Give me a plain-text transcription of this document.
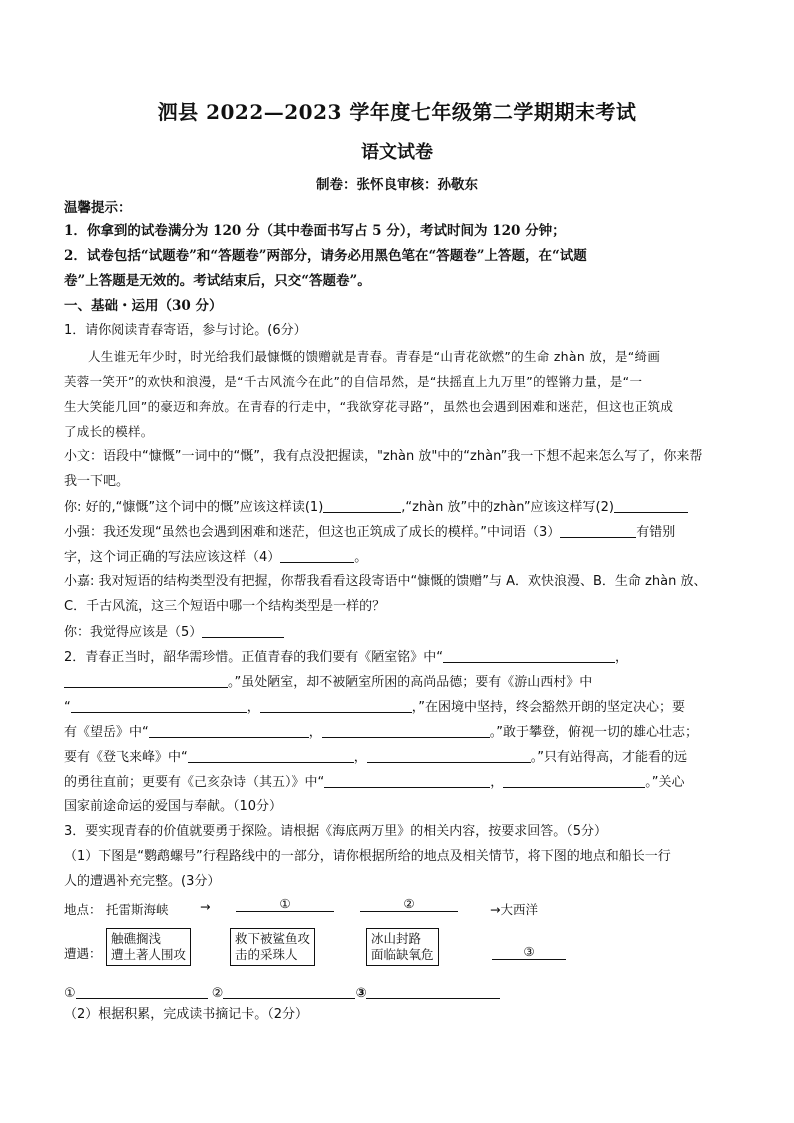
泗县 2022—2023 学年度七年级第二学期期末考试
语文试卷
制卷：张怀良审核：孙敬东
温馨提示：
1．你拿到的试卷满分为 120 分（其中卷面书写占 5 分），考试时间为 120 分钟；
2．试卷包括“试题卷”和“答题卷”两部分，请务必用黑色笔在“答题卷”上答题，在“试题
卷”上答题是无效的。考试结束后，只交“答题卷”。
一、基础・运用（30 分）
1．请你阅读青春寄语，参与讨论。(6分）
人生谁无年少时，时光给我们最慷慨的馈赠就是青春。青春是“山青花欲燃”的生命 zhàn 放，是“绮画
芙蓉一笑开”的欢快和浪漫，是“千古风流今在此”的自信昂然，是“扶摇直上九万里”的铿锵力量，是“一
生大笑能几回”的豪迈和奔放。在青春的行走中，“我欲穿花寻路”，虽然也会遇到困难和迷茫，但这也正筑成
了成长的模样。
小文：语段中“慷慨”一词中的“慨”，我有点没把握读，"zhàn 放"中的“zhàn”我一下想不起来怎么写了，你来帮
我一下吧。
你: 好的,“慷慨”这个词中的慨”应该这样读(1)	,“zhàn 放”中的zhàn”应该这样写(2)
小强：我还发现“虽然也会遇到困难和迷茫，但这也正筑成了成长的模样。”中词语（3）	有错别
字，这个词正确的写法应该这样（4）	。
小嘉: 我对短语的结构类型没有把握，你帮我看看这段寄语中“慷慨的馈赠”与 A．欢快浪漫、B．生命 zhàn 放、
C．千古风流，这三个短语中哪一个结构类型是一样的？
你：我觉得应该是（5）
2．青春正当时，韶华需珍惜。正值青春的我们要有《陋室铭》中“	，
。”虽处陋室，却不被陋室所困的高尚品德；要有《游山西村》中
“	，	，”在困境中坚持，终会豁然开朗的坚定决心；要
有《望岳》中“	，	。”敢于攀登，俯视一切的雄心壮志；
要有《登飞来峰》中“	，	。”只有站得高，才能看的远
的勇往直前；更要有《己亥杂诗（其五）》中“	，	。”关心
国家前途命运的爱国与奉献。（10分）
3．要实现青春的价值就要勇于探险。请根据《海底两万里》的相关内容，按要求回答。（5分）
（1）下图是“鹦鹉螺号”行程路线中的一部分，请你根据所给的地点及相关情节，将下图的地点和船长一行
人的遭遇补充完整。(3分）
地点： 托雷斯海峡	→	①	②	→大西洋
遭遇：
触礁搁浅
遭土著人围攻
救下被鲨鱼攻
击的采珠人
冰山封路
面临缺氧危	③
①	②	③
（2）根据积累，完成读书摘记卡。（2分）
